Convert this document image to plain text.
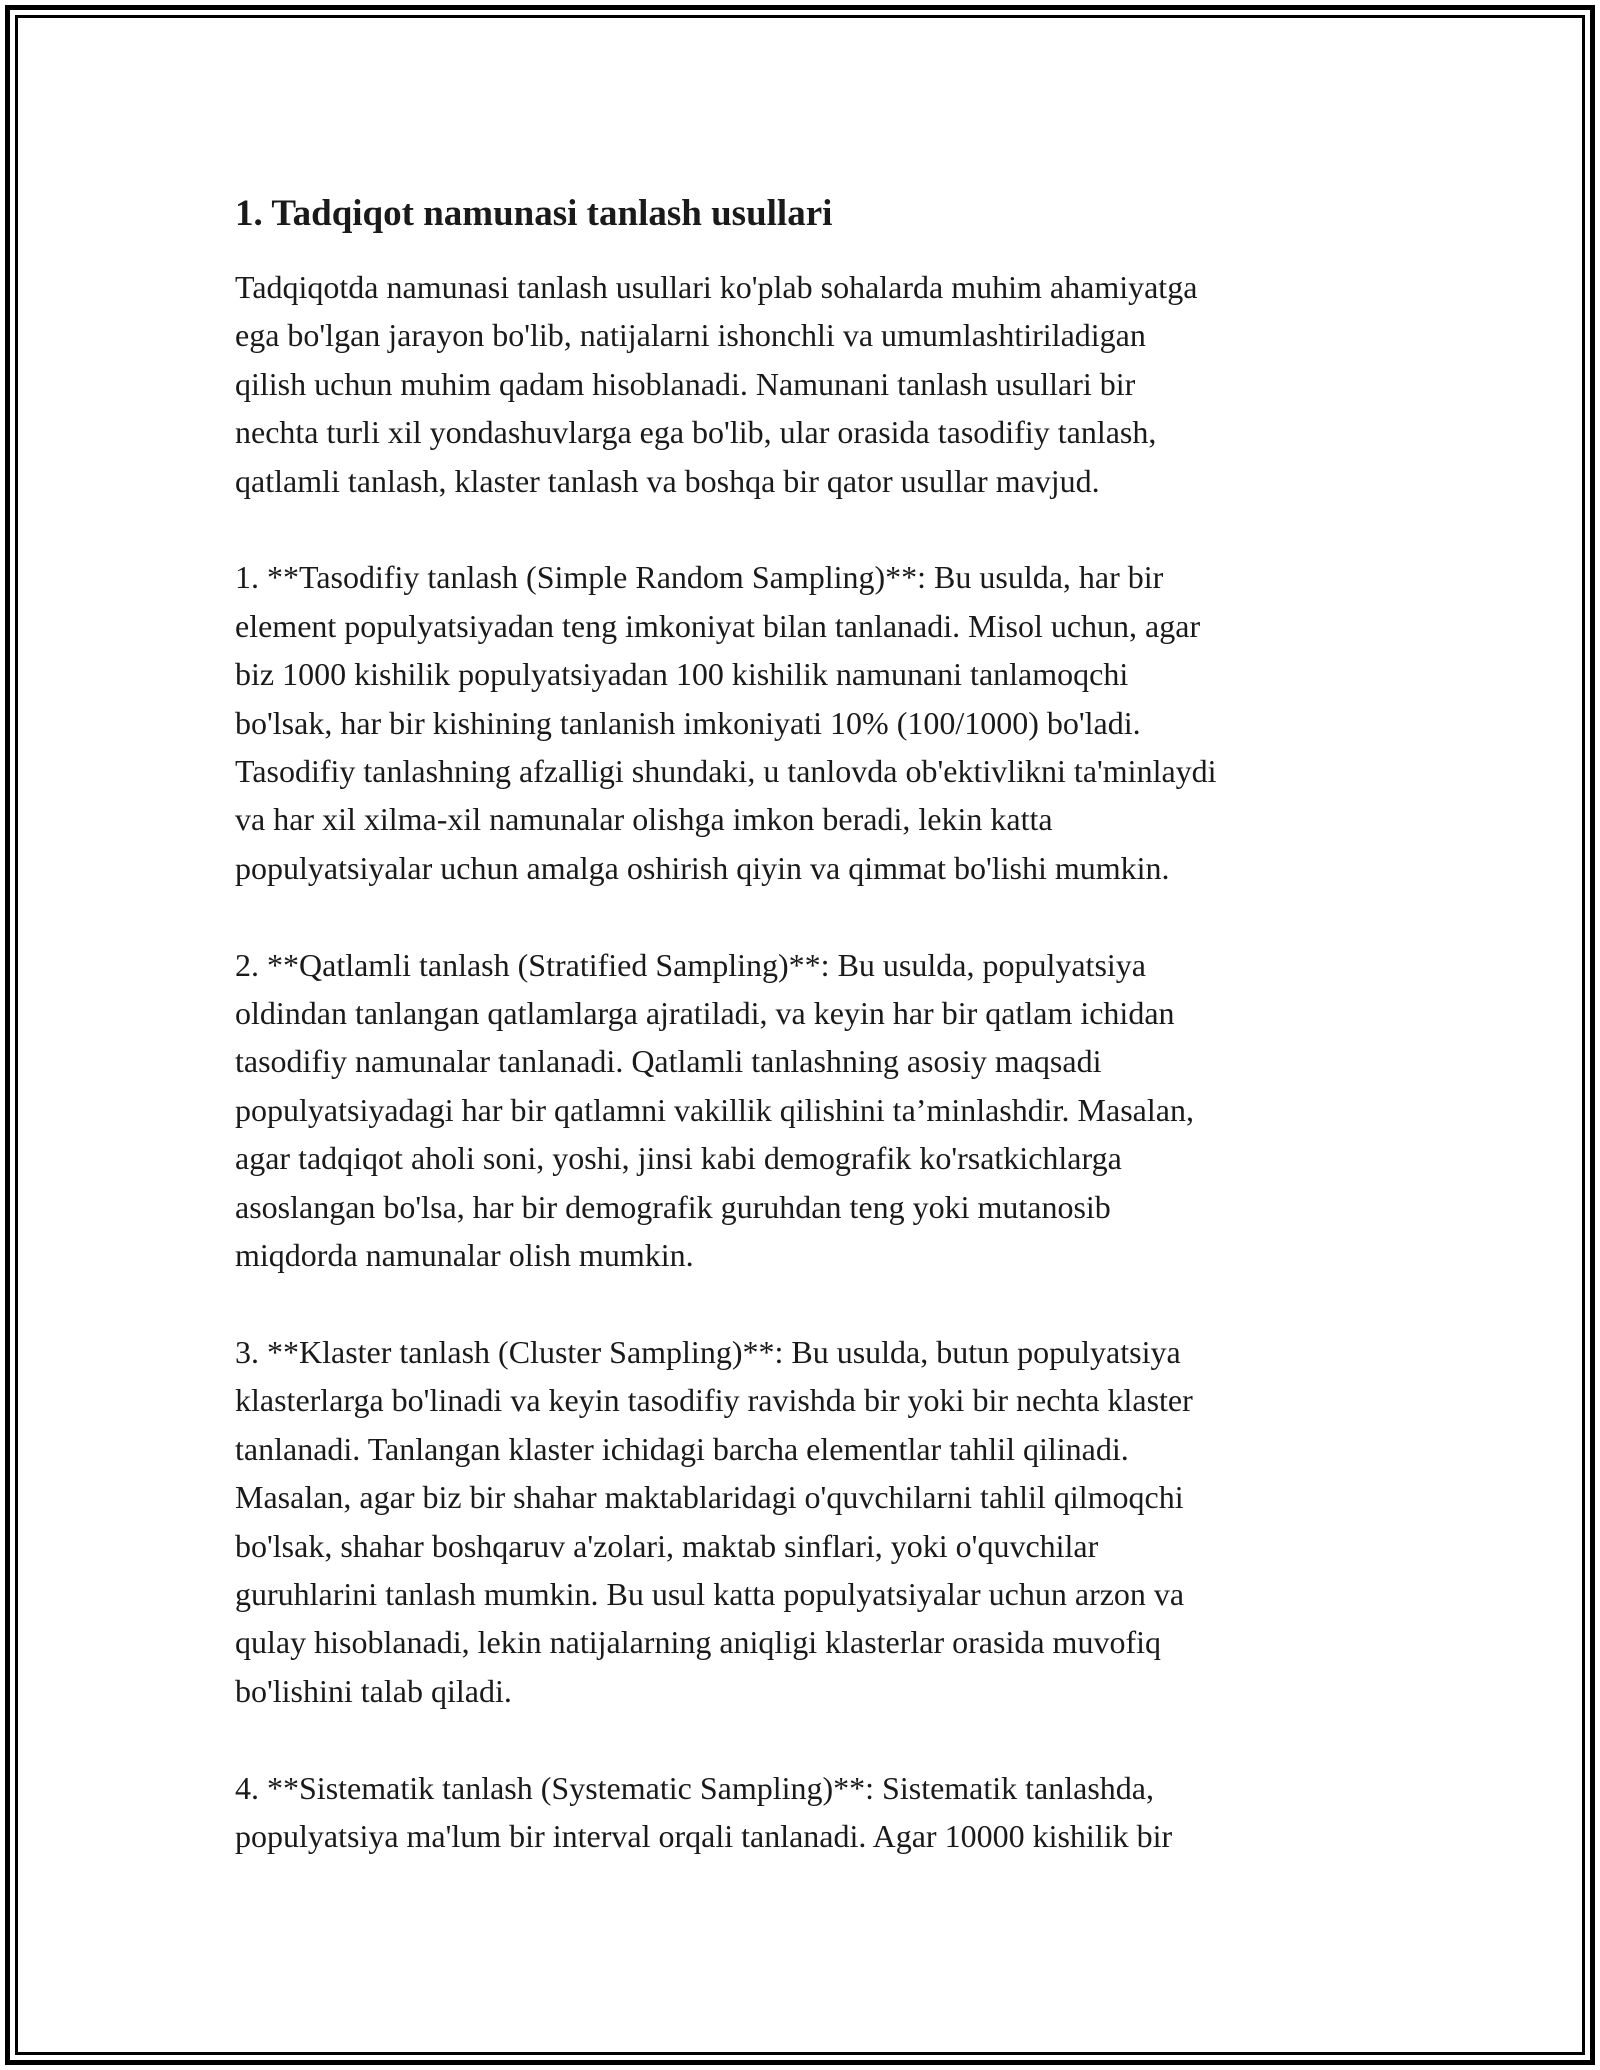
1. Tadqiqot namunasi tanlash usullari
Tadqiqotda namunasi tanlash usullari ko'plab sohalarda muhim ahamiyatga
ega bo'lgan jarayon bo'lib, natijalarni ishonchli va umumlashtiriladigan
qilish uchun muhim qadam hisoblanadi. Namunani tanlash usullari bir
nechta turli xil yondashuvlarga ega bo'lib, ular orasida tasodifiy tanlash,
qatlamli tanlash, klaster tanlash va boshqa bir qator usullar mavjud.
1. **Tasodifiy tanlash (Simple Random Sampling)**: Bu usulda, har bir
element populyatsiyadan teng imkoniyat bilan tanlanadi. Misol uchun, agar
biz 1000 kishilik populyatsiyadan 100 kishilik namunani tanlamoqchi
bo'lsak, har bir kishining tanlanish imkoniyati 10% (100/1000) bo'ladi.
Tasodifiy tanlashning afzalligi shundaki, u tanlovda ob'ektivlikni ta'minlaydi
va har xil xilma-xil namunalar olishga imkon beradi, lekin katta
populyatsiyalar uchun amalga oshirish qiyin va qimmat bo'lishi mumkin.
2. **Qatlamli tanlash (Stratified Sampling)**: Bu usulda, populyatsiya
oldindan tanlangan qatlamlarga ajratiladi, va keyin har bir qatlam ichidan
tasodifiy namunalar tanlanadi. Qatlamli tanlashning asosiy maqsadi
populyatsiyadagi har bir qatlamni vakillik qilishini ta’minlashdir. Masalan,
agar tadqiqot aholi soni, yoshi, jinsi kabi demografik ko'rsatkichlarga
asoslangan bo'lsa, har bir demografik guruhdan teng yoki mutanosib
miqdorda namunalar olish mumkin.
3. **Klaster tanlash (Cluster Sampling)**: Bu usulda, butun populyatsiya
klasterlarga bo'linadi va keyin tasodifiy ravishda bir yoki bir nechta klaster
tanlanadi. Tanlangan klaster ichidagi barcha elementlar tahlil qilinadi.
Masalan, agar biz bir shahar maktablaridagi o'quvchilarni tahlil qilmoqchi
bo'lsak, shahar boshqaruv a'zolari, maktab sinflari, yoki o'quvchilar
guruhlarini tanlash mumkin. Bu usul katta populyatsiyalar uchun arzon va
qulay hisoblanadi, lekin natijalarning aniqligi klasterlar orasida muvofiq
bo'lishini talab qiladi.
4. **Sistematik tanlash (Systematic Sampling)**: Sistematik tanlashda,
populyatsiya ma'lum bir interval orqali tanlanadi. Agar 10000 kishilik bir
